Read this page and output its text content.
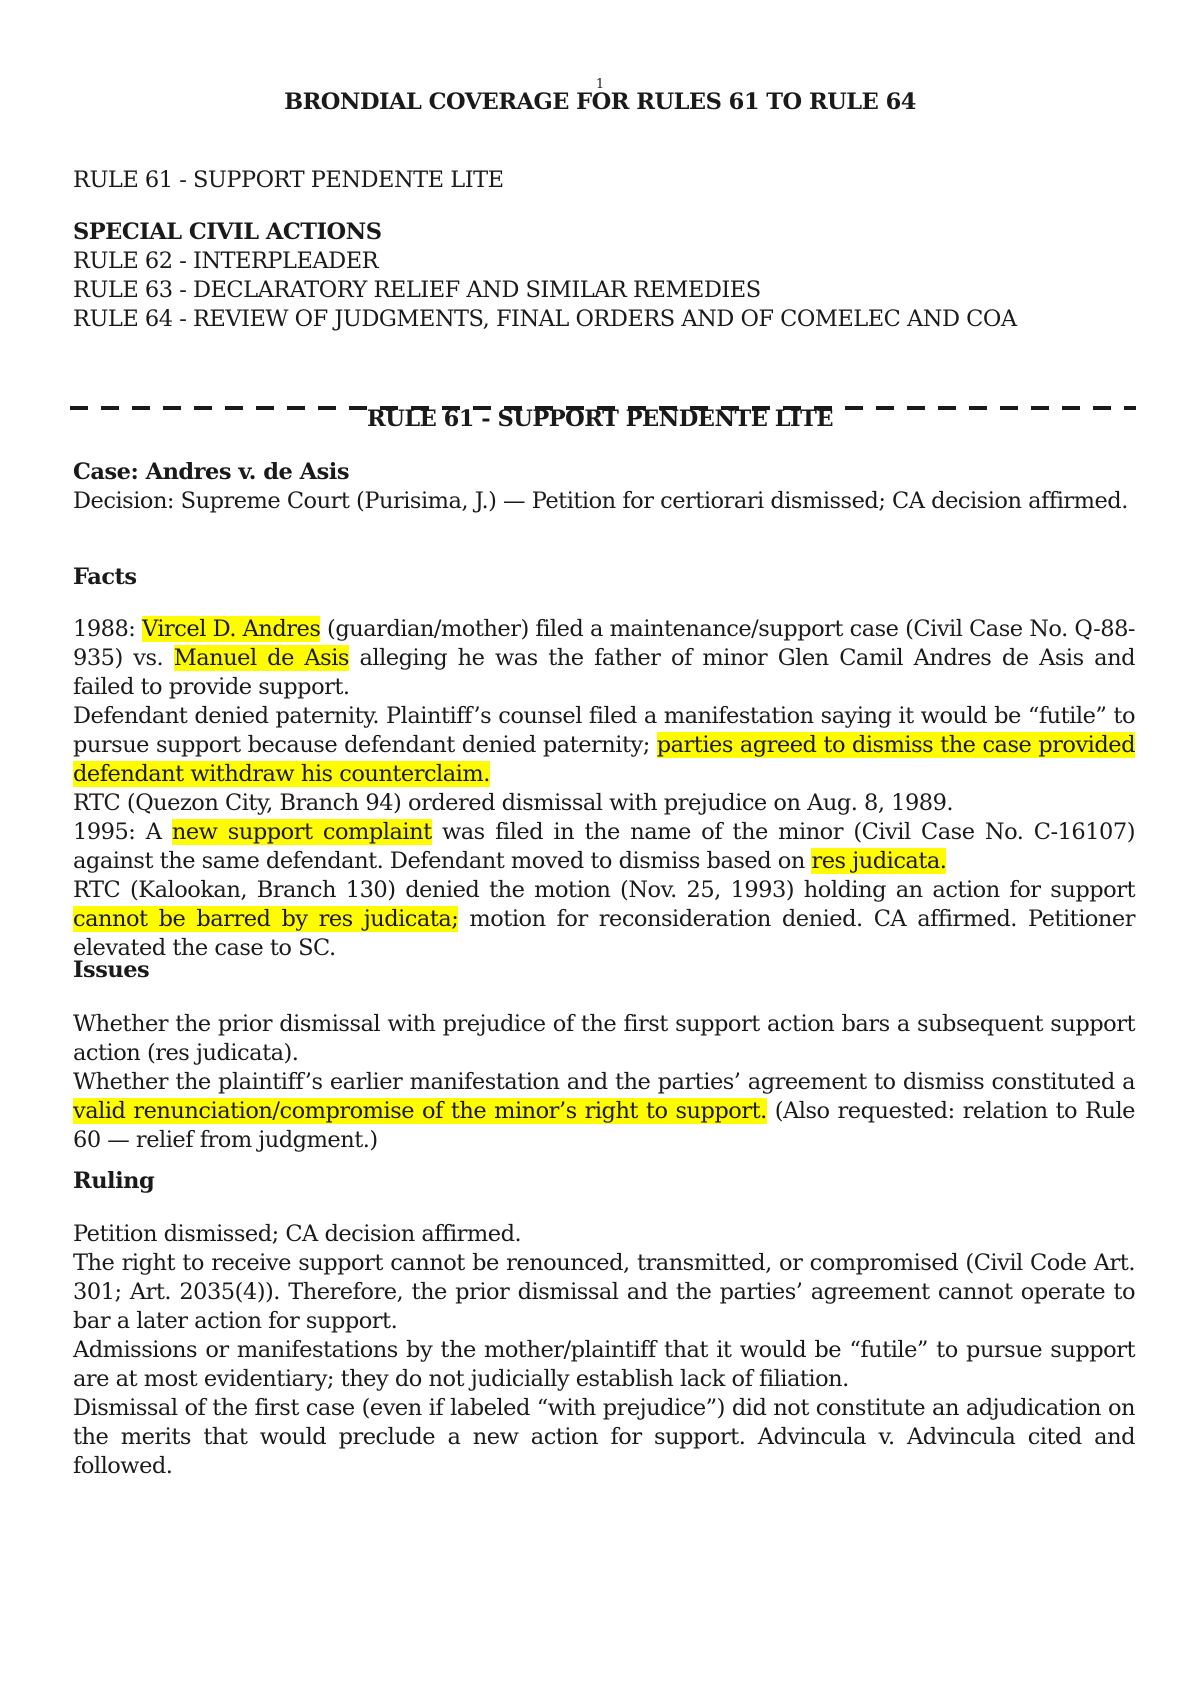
1
BRONDIAL COVERAGE FOR RULES 61 TO RULE 64

RULE 61 - SUPPORT PENDENTE LITE

SPECIAL CIVIL ACTIONS

RULE 62 - INTERPLEADER

RULE 63 - DECLARATORY RELIEF AND SIMILAR REMEDIES

RULE 64 - REVIEW OF JUDGMENTS, FINAL ORDERS AND OF COMELEC AND COA

RULE 61 - SUPPORT PENDENTE LITE

Case: Andres v. de Asis

Decision: Supreme Court (Purisima, J.) — Petition for certiorari dismissed; CA decision affirmed.

Facts

1988: Vircel D. Andres (guardian/mother) filed a maintenance/support case (Civil Case No. Q-88-935) vs. Manuel de Asis alleging he was the father of minor Glen Camil Andres de Asis and failed to provide support.

Defendant denied paternity. Plaintiff’s counsel filed a manifestation saying it would be “futile” to pursue support because defendant denied paternity; parties agreed to dismiss the case provided defendant withdraw his counterclaim.

RTC (Quezon City, Branch 94) ordered dismissal with prejudice on Aug. 8, 1989.

1995: A new support complaint was filed in the name of the minor (Civil Case No. C-16107) against the same defendant. Defendant moved to dismiss based on res judicata.

RTC (Kalookan, Branch 130) denied the motion (Nov. 25, 1993) holding an action for support cannot be barred by res judicata; motion for reconsideration denied. CA affirmed. Petitioner elevated the case to SC.

Issues

Whether the prior dismissal with prejudice of the first support action bars a subsequent support action (res judicata).

Whether the plaintiff’s earlier manifestation and the parties’ agreement to dismiss constituted a valid renunciation/compromise of the minor’s right to support. (Also requested: relation to Rule 60 — relief from judgment.)

Ruling

Petition dismissed; CA decision affirmed.

The right to receive support cannot be renounced, transmitted, or compromised (Civil Code Art. 301; Art. 2035(4)). Therefore, the prior dismissal and the parties’ agreement cannot operate to bar a later action for support.

Admissions or manifestations by the mother/plaintiff that it would be “futile” to pursue support are at most evidentiary; they do not judicially establish lack of filiation.

Dismissal of the first case (even if labeled “with prejudice”) did not constitute an adjudication on the merits that would preclude a new action for support. Advincula v. Advincula cited and followed.
